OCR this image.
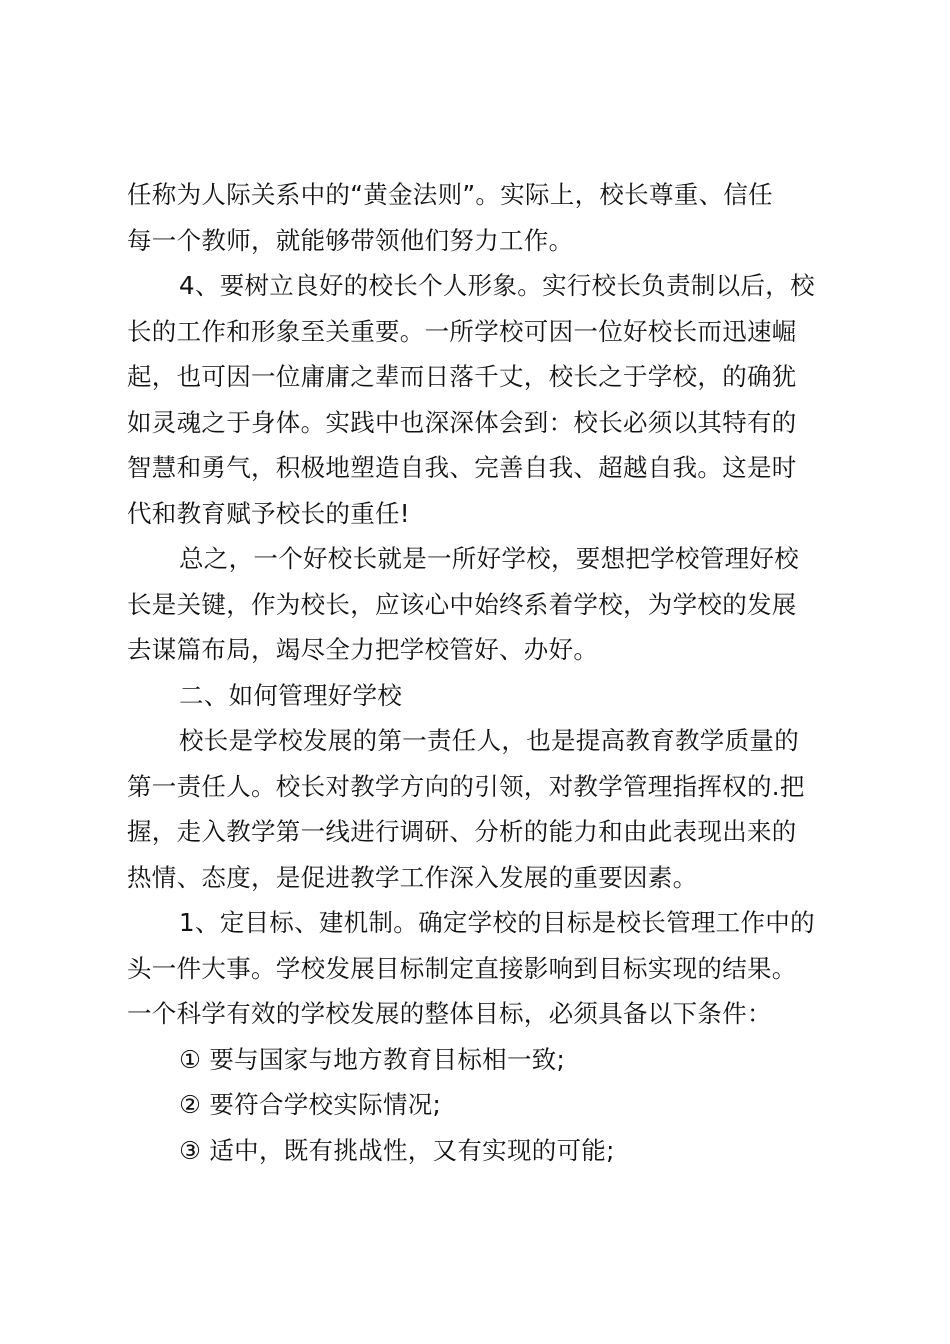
任称为人际关系中的“黄金法则”。实际上，校长尊重、信任
每一个教师，就能够带领他们努力工作。
4、要树立良好的校长个人形象。实行校长负责制以后，校
长的工作和形象至关重要。一所学校可因一位好校长而迅速崛
起，也可因一位庸庸之辈而日落千丈，校长之于学校，的确犹
如灵魂之于身体。实践中也深深体会到：校长必须以其特有的
智慧和勇气，积极地塑造自我、完善自我、超越自我。这是时
代和教育赋予校长的重任!
总之，一个好校长就是一所好学校，要想把学校管理好校
长是关键，作为校长，应该心中始终系着学校，为学校的发展
去谋篇布局，竭尽全力把学校管好、办好。
二、如何管理好学校
校长是学校发展的第一责任人，也是提高教育教学质量的
第一责任人。校长对教学方向的引领，对教学管理指挥权的.把
握，走入教学第一线进行调研、分析的能力和由此表现出来的
热情、态度，是促进教学工作深入发展的重要因素。
1、定目标、建机制。确定学校的目标是校长管理工作中的
头一件大事。学校发展目标制定直接影响到目标实现的结果。
一个科学有效的学校发展的整体目标，必须具备以下条件：
① 要与国家与地方教育目标相一致;
② 要符合学校实际情况;
③ 适中，既有挑战性，又有实现的可能;
